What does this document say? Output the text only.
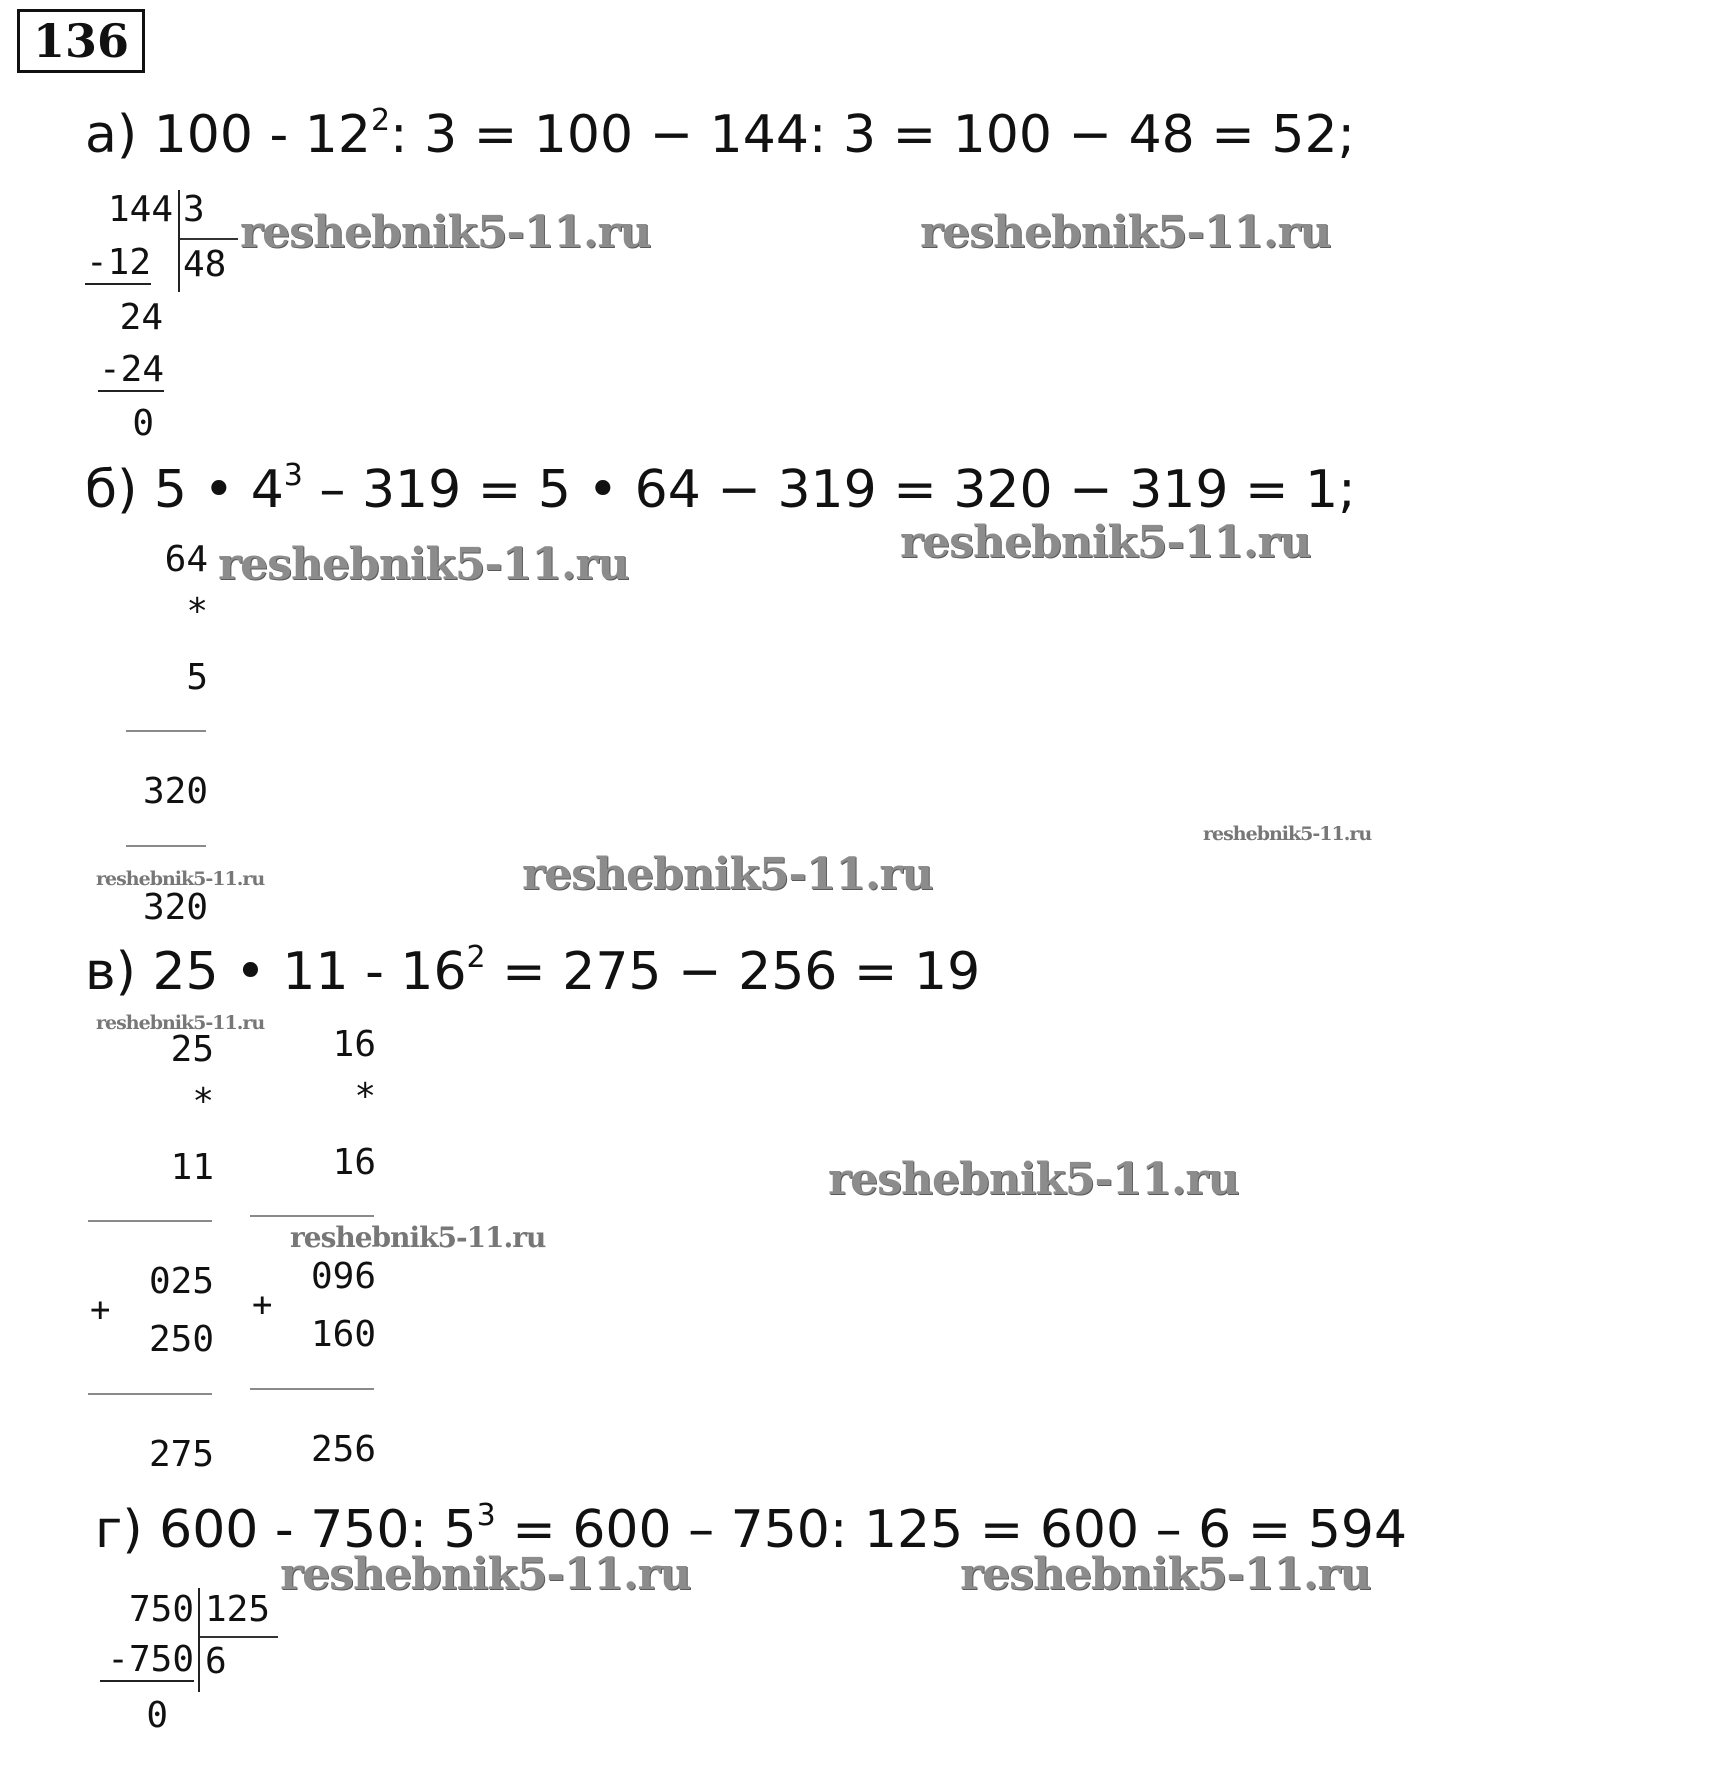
136
а) $100 - 12^2$: 3 = 100 − 144: 3 = 100 − 48 = 52;
144 3
48
-12
24
-24
0
б) 5 • $4^3 - 319 = 5$ • 64 − 319 = 320 − 319 = 1;
64
*
5
320
320
в) 25 • $11 - 16^2 = 275 - 256 = 19$
25
*
11
025
+
250
275
16
*
16
096
+
160
256
г) 600 - 750: $5^3 = 600 - 750$: 125 = 600 – 6 = 594
750 125
6
-750
0
reshebnik5-11.ru	reshebnik5-11.ru
reshebnik5-11.ru	reshebnik5-11.ru
reshebnik5-11.ru
reshebnik5-11.ru
reshebnik5-11.ru
reshebnik5-11.ru
reshebnik5-11.ru
reshebnik5-11.ru
reshebnik5-11.ru	reshebnik5-11.ru
